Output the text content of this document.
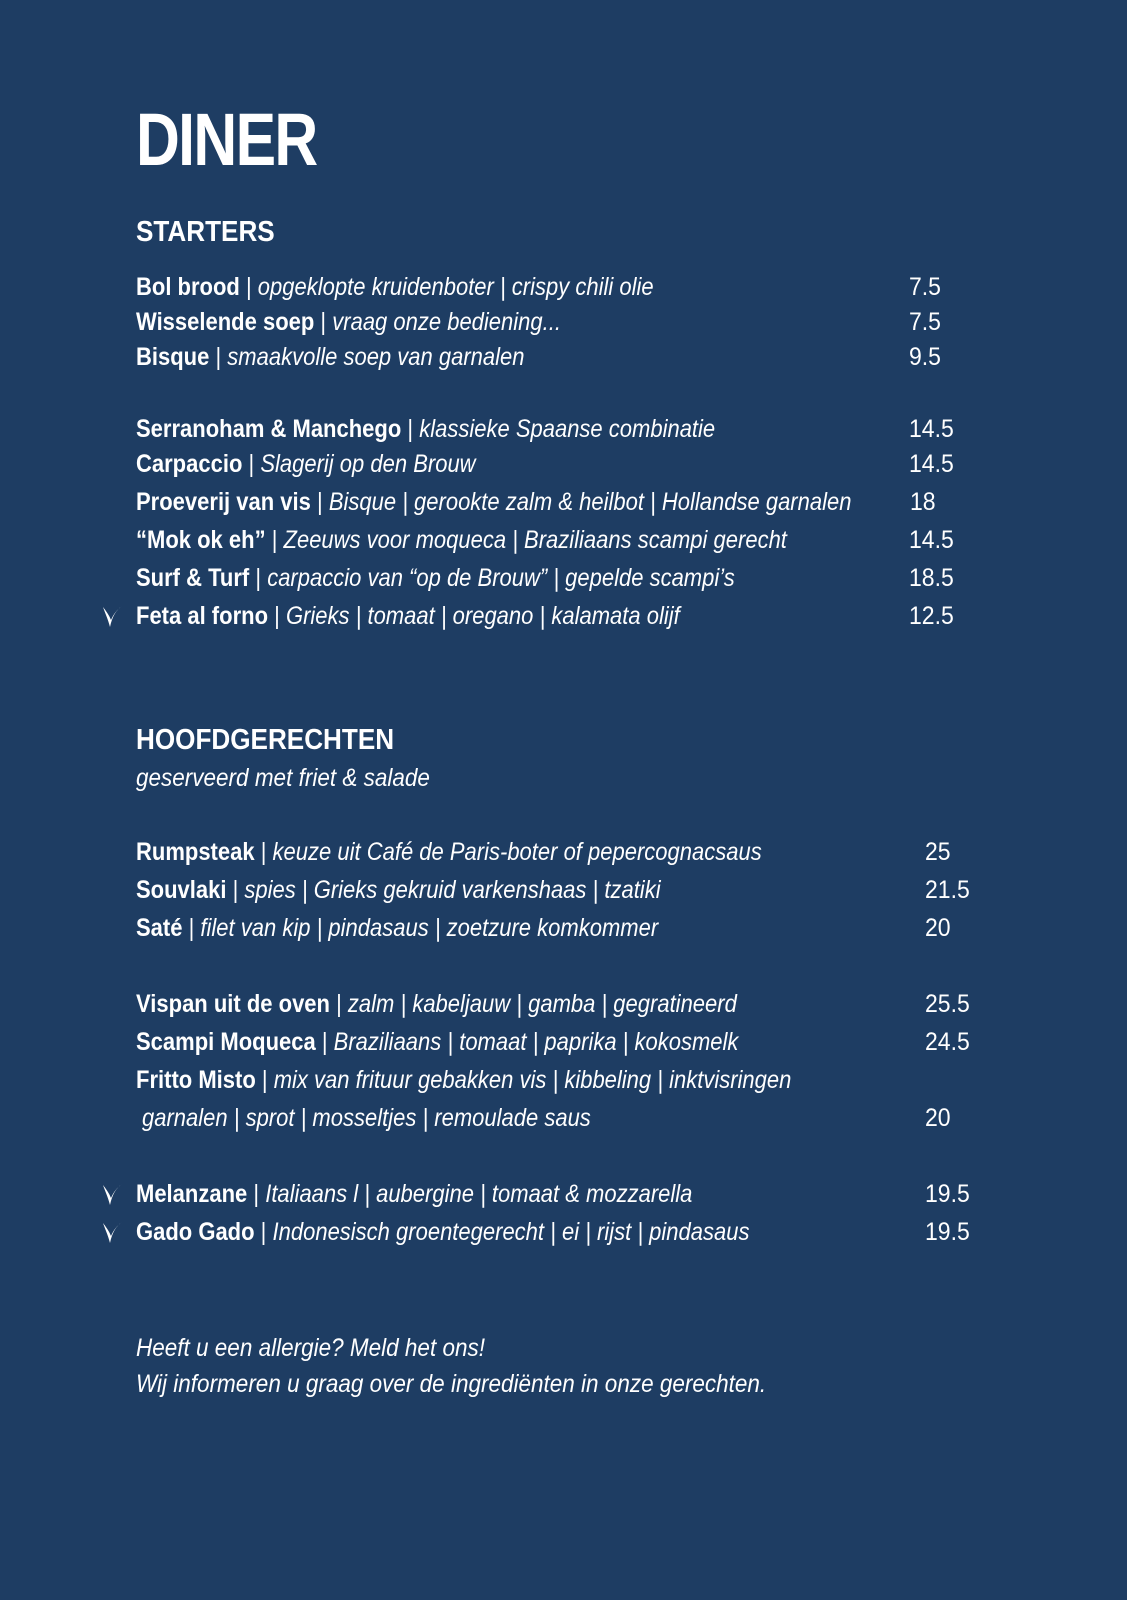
DINER
STARTERS
Bol brood | opgeklopte kruidenboter | crispy chili olie	7.5
Wisselende soep | vraag onze bediening...	7.5
Bisque | smaakvolle soep van garnalen	9.5
Serranoham & Manchego | klassieke Spaanse combinatie	14.5
Carpaccio | Slagerij op den Brouw	14.5
Proeverij van vis | Bisque | gerookte zalm & heilbot | Hollandse garnalen 18
“Mok ok eh” | Zeeuws voor moqueca | Braziliaans scampi gerecht	14.5
Surf & Turf | carpaccio van “op de Brouw” | gepelde scampi’s	18.5
Feta al forno | Grieks | tomaat | oregano | kalamata olijf	12.5
HOOFDGERECHTEN
geserveerd met friet & salade
Rumpsteak | keuze uit Café de Paris-boter of pepercognacsaus	25
Souvlaki | spies | Grieks gekruid varkenshaas | tzatiki	21.5
Saté | filet van kip | pindasaus | zoetzure komkommer	20
Vispan uit de oven | zalm | kabeljauw | gamba | gegratineerd	25.5
Scampi Moqueca | Braziliaans | tomaat | paprika | kokosmelk	24.5
Fritto Misto | mix van frituur gebakken vis | kibbeling | inktvisringen
garnalen | sprot | mosseltjes | remoulade saus	20
Melanzane | Italiaans l | aubergine | tomaat & mozzarella	19.5
Gado Gado | Indonesisch groentegerecht | ei | rijst | pindasaus	19.5
Heeft u een allergie? Meld het ons!
Wij informeren u graag over de ingrediënten in onze gerechten.
